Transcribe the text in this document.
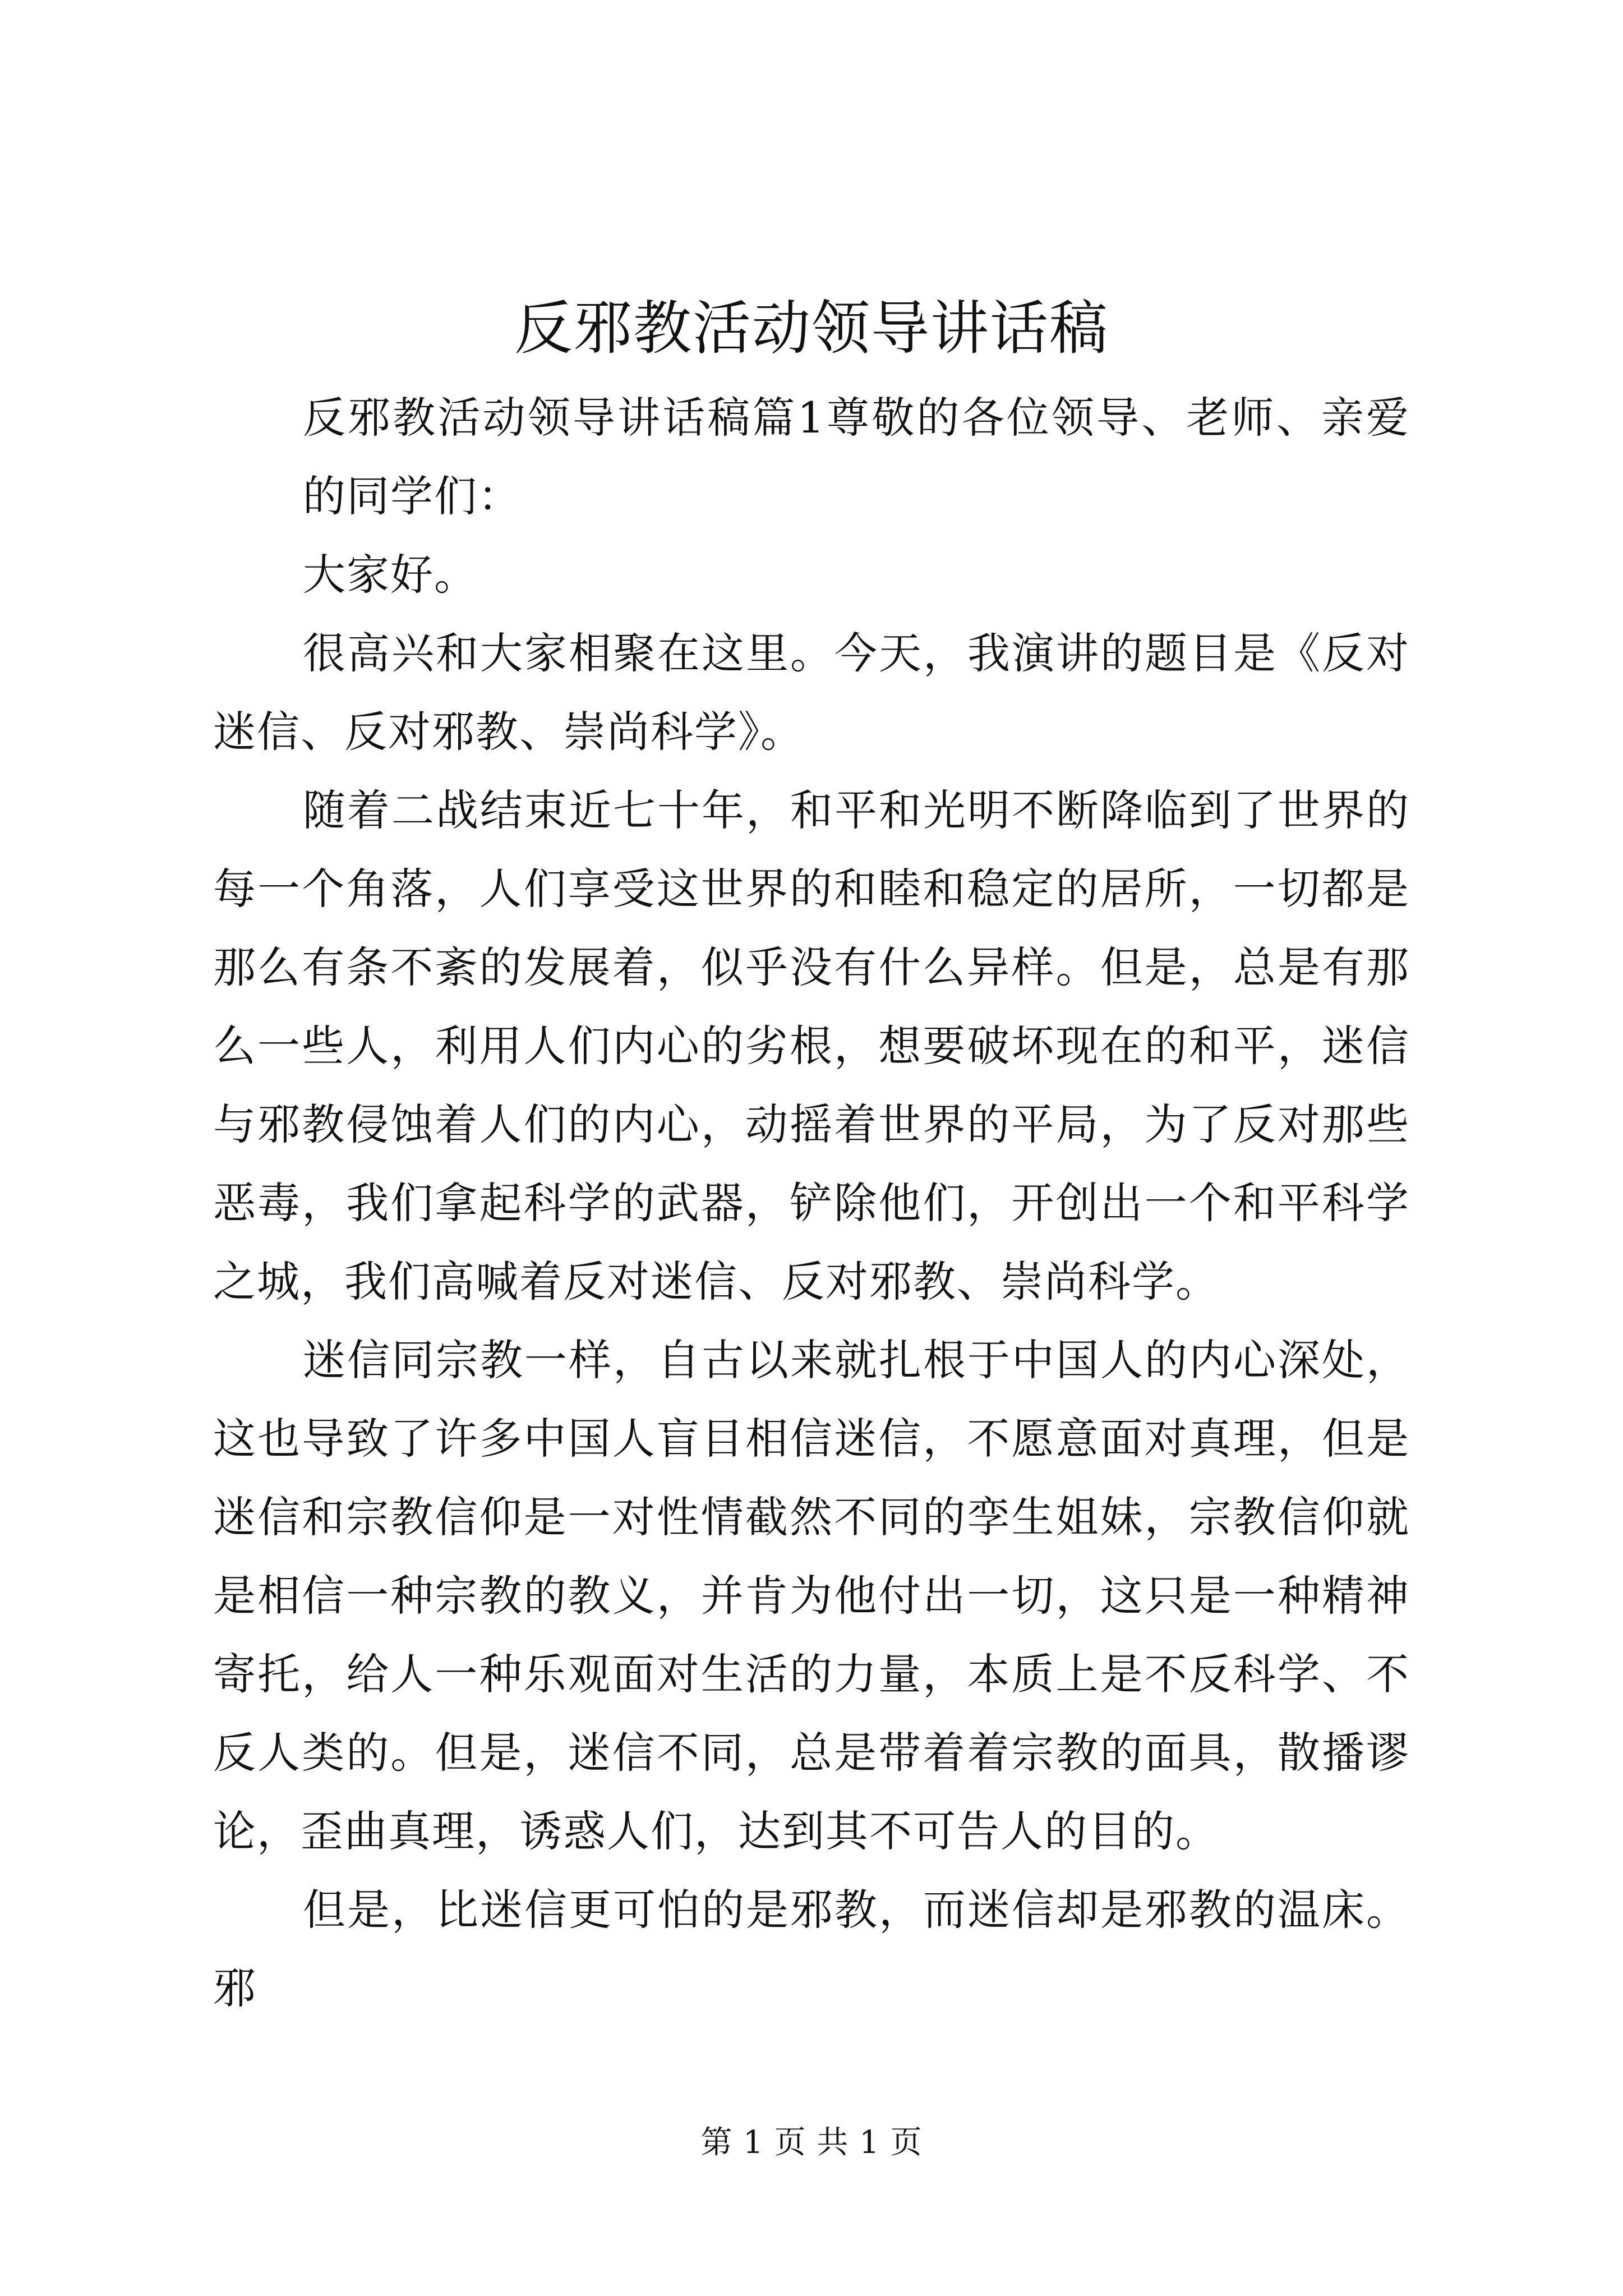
反邪教活动领导讲话稿

反邪教活动领导讲话稿篇1尊敬的各位领导、老师、亲爱的同学们：

大家好。

很高兴和大家相聚在这里。今天，我演讲的题目是《反对迷信、反对邪教、崇尚科学》。

随着二战结束近七十年，和平和光明不断降临到了世界的每一个角落，人们享受这世界的和睦和稳定的居所，一切都是那么有条不紊的发展着，似乎没有什么异样。但是，总是有那么一些人，利用人们内心的劣根，想要破坏现在的和平，迷信与邪教侵蚀着人们的内心，动摇着世界的平局，为了反对那些恶毒，我们拿起科学的武器，铲除他们，开创出一个和平科学之城，我们高喊着反对迷信、反对邪教、崇尚科学。

迷信同宗教一样，自古以来就扎根于中国人的内心深处，这也导致了许多中国人盲目相信迷信，不愿意面对真理，但是迷信和宗教信仰是一对性情截然不同的孪生姐妹，宗教信仰就是相信一种宗教的教义，并肯为他付出一切，这只是一种精神寄托，给人一种乐观面对生活的力量，本质上是不反科学、不反人类的。但是，迷信不同，总是带着着宗教的面具，散播谬论，歪曲真理，诱惑人们，达到其不可告人的目的。

但是，比迷信更可怕的是邪教，而迷信却是邪教的温床。邪

第 1 页 共 1 页
